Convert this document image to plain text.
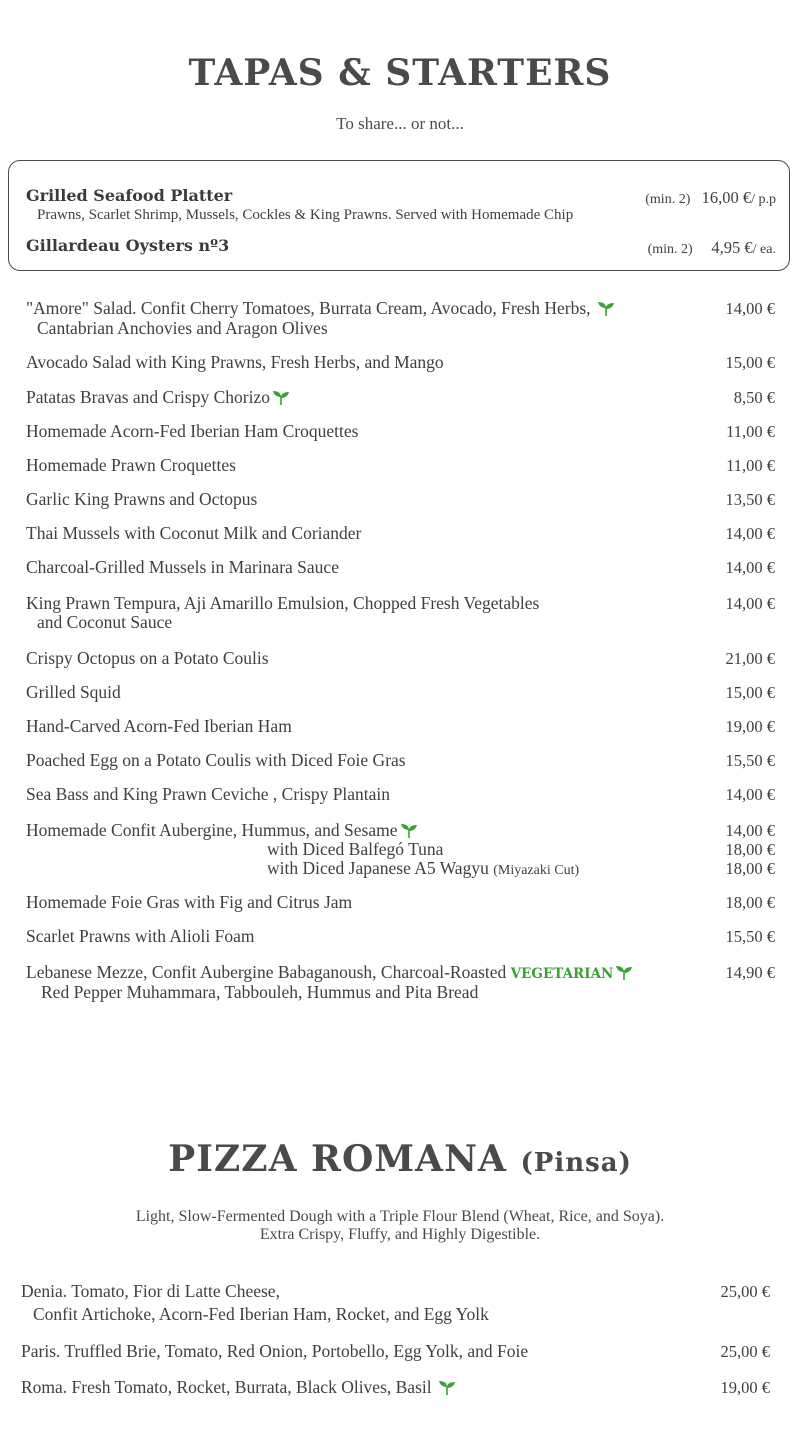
TAPAS & STARTERS
To share... or not...
Grilled Seafood Platter	(min. 2) 16,00 €/ p.p
Prawns, Scarlet Shrimp, Mussels, Cockles & King Prawns. Served with Homemade Chip
Gillardeau Oysters nº3	(min. 2) 4,95 €/ ea.
"Amore" Salad. Confit Cherry Tomatoes, Burrata Cream, Avocado, Fresh Herbs,
Cantabrian Anchovies and Aragon Olives
14,00 €
Avocado Salad with King Prawns, Fresh Herbs, and Mango	15,00 €
Patatas Bravas and Crispy Chorizo	8,50 €
Homemade Acorn-Fed Iberian Ham Croquettes	11,00 €
Homemade Prawn Croquettes	11,00 €
Garlic King Prawns and Octopus	13,50 €
Thai Mussels with Coconut Milk and Coriander	14,00 €
Charcoal-Grilled Mussels in Marinara Sauce	14,00 €
King Prawn Tempura, Aji Amarillo Emulsion, Chopped Fresh Vegetables
and Coconut Sauce
14,00 €
Crispy Octopus on a Potato Coulis	21,00 €
Grilled Squid	15,00 €
Hand-Carved Acorn-Fed Iberian Ham	19,00 €
Poached Egg on a Potato Coulis with Diced Foie Gras	15,50 €
Sea Bass and King Prawn Ceviche , Crispy Plantain	14,00 €
Homemade Confit Aubergine, Hummus, and Sesame	14,00 €
with Diced Balfegó Tuna	18,00 €
with Diced Japanese A5 Wagyu (Miyazaki Cut)	18,00 €
Homemade Foie Gras with Fig and Citrus Jam	18,00 €
Scarlet Prawns with Alioli Foam	15,50 €
Lebanese Mezze, Confit Aubergine Babaganoush, Charcoal-Roasted VEGETARIAN
Red Pepper Muhammara, Tabbouleh, Hummus and Pita Bread
14,90 €
PIZZA ROMANA (Pinsa)
Light, Slow-Fermented Dough with a Triple Flour Blend (Wheat, Rice, and Soya).
Extra Crispy, Fluffy, and Highly Digestible.
Denia. Tomato, Fior di Latte Cheese,
Confit Artichoke, Acorn-Fed Iberian Ham, Rocket, and Egg Yolk
25,00 €
Paris. Truffled Brie, Tomato, Red Onion, Portobello, Egg Yolk, and Foie	25,00 €
Roma. Fresh Tomato, Rocket, Burrata, Black Olives, Basil	19,00 €
